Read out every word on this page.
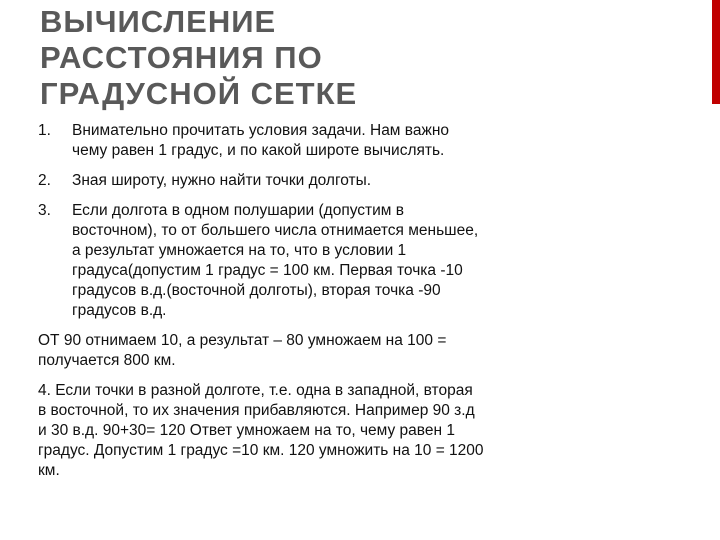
ВЫЧИСЛЕНИЕ
РАССТОЯНИЯ ПО
ГРАДУСНОЙ СЕТКЕ
1.	Внимательно прочитать условия задачи. Нам важно
чему равен 1 градус, и по какой широте вычислять.
2.	Зная широту, нужно найти точки долготы.
3.	Если долгота в одном полушарии (допустим в
восточном), то от большего числа отнимается меньшее,
а результат умножается на то, что в условии 1
градуса(допустим 1 градус = 100 км. Первая точка -10
градусов в.д.(восточной долготы), вторая точка -90
градусов в.д.

ОТ 90 отнимаем 10, а результат – 80 умножаем на 100 =
получается 800 км.

4. Если точки в разной долготе, т.е. одна в западной, вторая
в восточной, то их значения прибавляются. Например 90 з.д
и 30 в.д. 90+30= 120 Ответ умножаем на то, чему равен 1
градус. Допустим 1 градус =10 км. 120 умножить на 10 = 1200
км.
